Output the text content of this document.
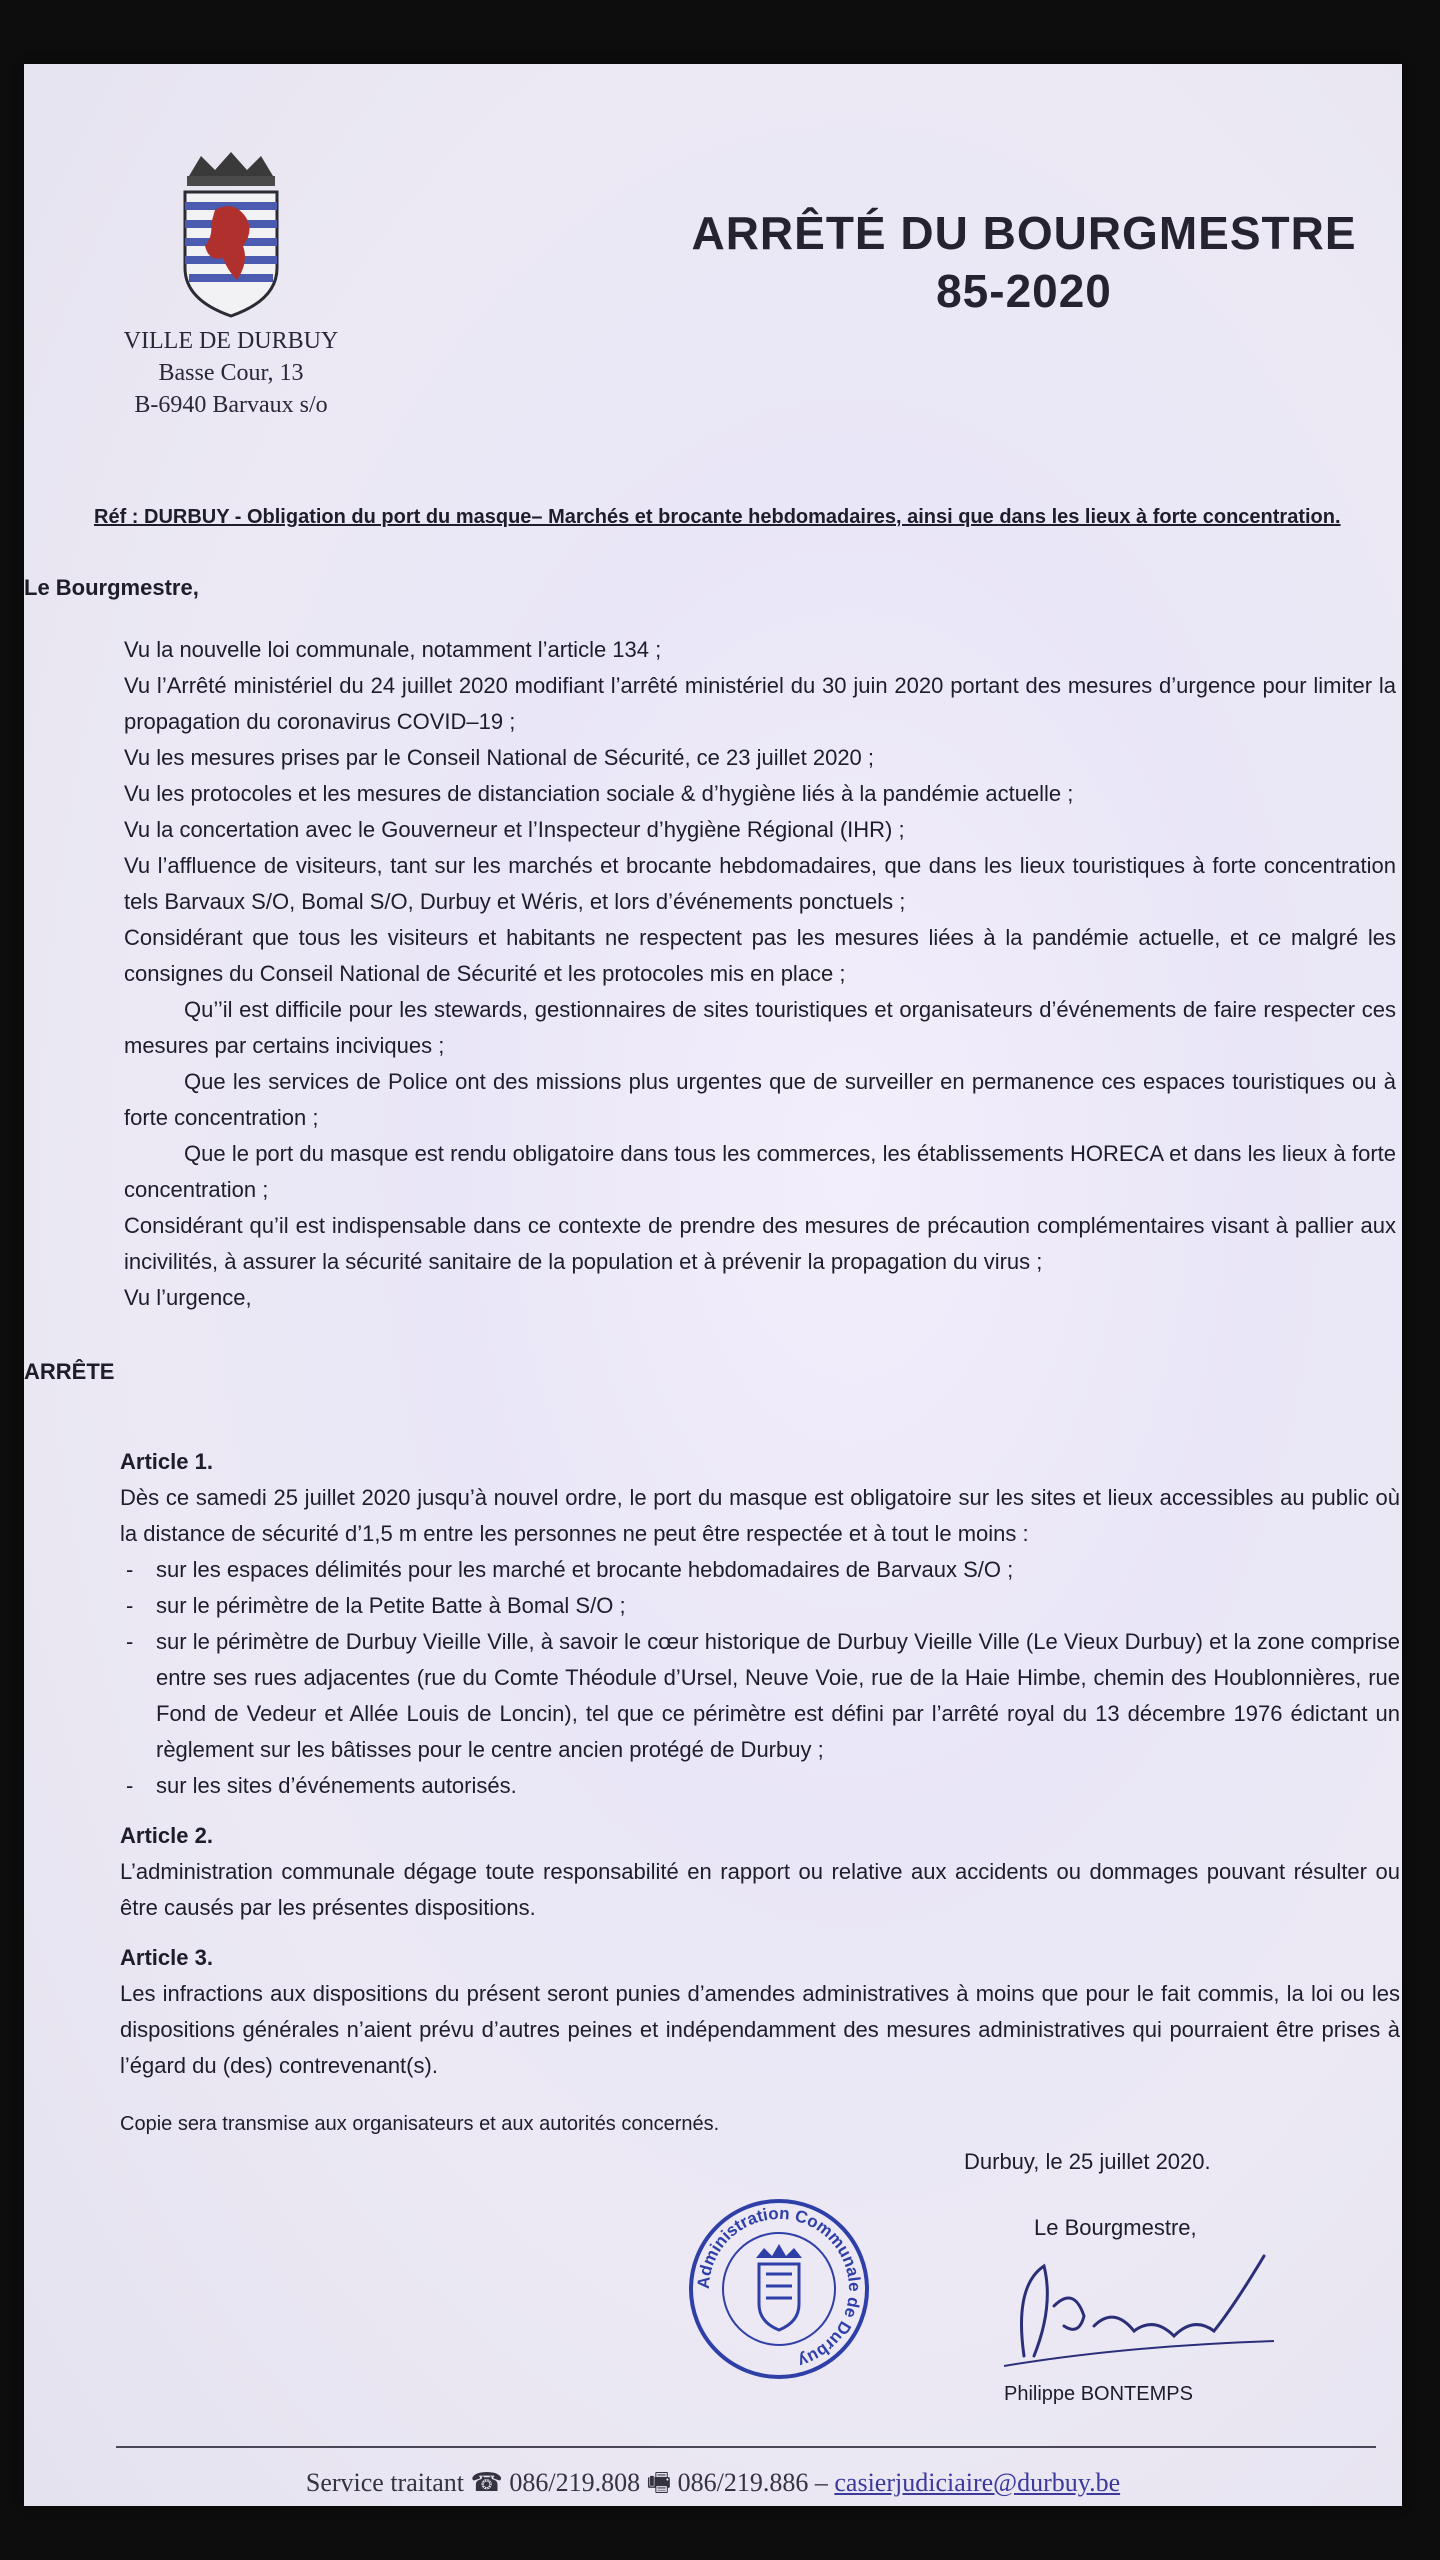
VILLE DE DURBUY
Basse Cour, 13
B-6940 Barvaux s/o
ARRÊTÉ DU BOURGMESTRE
85-2020
Réf : DURBUY - Obligation du port du masque– Marchés et brocante hebdomadaires, ainsi que dans les lieux à forte concentration.
Le Bourgmestre,

Vu la nouvelle loi communale, notamment l’article 134 ;

Vu l’Arrêté ministériel du 24 juillet 2020 modifiant l’arrêté ministériel du 30 juin 2020 portant des mesures d’urgence pour limiter la propagation du coronavirus COVID–19 ;

Vu les mesures prises par le Conseil National de Sécurité, ce 23 juillet 2020 ;

Vu les protocoles et les mesures de distanciation sociale & d’hygiène liés à la pandémie actuelle ;

Vu la concertation avec le Gouverneur et l’Inspecteur d’hygiène Régional (IHR) ;

Vu l’affluence de visiteurs, tant sur les marchés et brocante hebdomadaires, que dans les lieux touristiques à forte concentration tels Barvaux S/O, Bomal S/O, Durbuy et Wéris, et lors d’événements ponctuels ;

Considérant que tous les visiteurs et habitants ne respectent pas les mesures liées à la pandémie actuelle, et ce malgré les consignes du Conseil National de Sécurité et les protocoles mis en place ;

Qu’’il est difficile pour les stewards, gestionnaires de sites touristiques et organisateurs d’événements de faire respecter ces mesures par certains inciviques ;

Que les services de Police ont des missions plus urgentes que de surveiller en permanence ces espaces touristiques ou à forte concentration ;

Que le port du masque est rendu obligatoire dans tous les commerces, les établissements HORECA et dans les lieux à forte concentration ;

Considérant qu’il est indispensable dans ce contexte de prendre des mesures de précaution complémentaires visant à pallier aux incivilités, à assurer la sécurité sanitaire de la population et à prévenir la propagation du virus ;

Vu l’urgence,

ARRÊTE

Article 1.

Dès ce samedi 25 juillet 2020 jusqu’à nouvel ordre, le port du masque est obligatoire sur les sites et lieux accessibles au public où la distance de sécurité d’1,5 m entre les personnes ne peut être respectée et à tout le moins :

- sur les espaces délimités pour les marché et brocante hebdomadaires de Barvaux S/O ;
- sur le périmètre de la Petite Batte à Bomal S/O ;
- sur le périmètre de Durbuy Vieille Ville, à savoir le cœur historique de Durbuy Vieille Ville (Le Vieux Durbuy) et la zone comprise entre ses rues adjacentes (rue du Comte Théodule d’Ursel, Neuve Voie, rue de la Haie Himbe, chemin des Houblonnières, rue Fond de Vedeur et Allée Louis de Loncin), tel que ce périmètre est défini par l’arrêté royal du 13 décembre 1976 édictant un règlement sur les bâtisses pour le centre ancien protégé de Durbuy ;
- sur les sites d’événements autorisés.

Article 2.

L’administration communale dégage toute responsabilité en rapport ou relative aux accidents ou dommages pouvant résulter ou être causés par les présentes dispositions.

Article 3.

Les infractions aux dispositions du présent seront punies d’amendes administratives à moins que pour le fait commis, la loi ou les dispositions générales n’aient prévu d’autres peines et indépendamment des mesures administratives qui pourraient être prises à l’égard du (des) contrevenant(s).

Copie sera transmise aux organisateurs et aux autorités concernés.

Administration Communale de Durbuy
Durbuy, le 25 juillet 2020.
Le Bourgmestre,
Philippe BONTEMPS
Service traitant ☎ 086/219.808 🖷 086/219.886 – casierjudiciaire@durbuy.be
